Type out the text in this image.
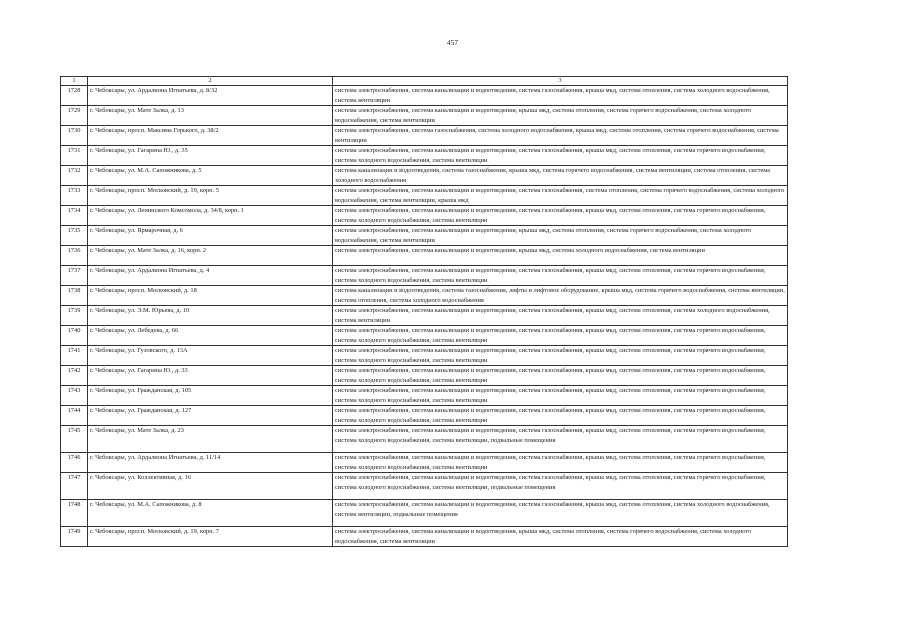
457
1	2	3
1728	г. Чебоксары, ул. Ардалиона Игнатьева, д. 8/32	система электроснабжения, система канализации и водоотведения, система газоснабжения, крыша мкд, система отопления, система холодного водоснабжения, система вентиляции
1729	г. Чебоксары, ул. Мате Залка, д. 13	система электроснабжения, система канализации и водоотведения, крыша мкд, система отопления, система горячего водоснабжения, система холодного водоснабжения, система вентиляции
1730	г. Чебоксары, просп. Максима Горького, д. 38/2	система электроснабжения, система газоснабжения, система холодного водоснабжения, крыша мкд, система отопления, система горячего водоснабжения, система вентиляции
1731	г. Чебоксары, ул. Гагарина Ю., д. 35	система электроснабжения, система канализации и водоотведения, система газоснабжения, крыша мкд, система отопления, система горячего водоснабжения, система холодного водоснабжения, система вентиляции
1732	г. Чебоксары, ул. М.А. Сапожникова, д. 5	система канализации и водоотведения, система газоснабжения, крыша мкд, система горячего водоснабжения, система вентиляции, система отопления, система холодного водоснабжения
1733	г. Чебоксары, просп. Московский, д. 19, корп. 5	система электроснабжения, система канализации и водоотведения, система газоснабжения, система отопления, система горячего водоснабжения, система холодного водоснабжения, система вентиляции, крыша мкд
1734	г. Чебоксары, ул. Ленинского Комсомола, д. 34/8, корп. 1	система электроснабжения, система канализации и водоотведения, система газоснабжения, крыша мкд, система отопления, система горячего водоснабжения, система холодного водоснабжения, система вентиляции
1735	г. Чебоксары, ул. Ярмарочная, д. 6	система электроснабжения, система канализации и водоотведения, крыша мкд, система отопления, система горячего водоснабжения, система холодного водоснабжения, система вентиляции
1736	г. Чебоксары, ул. Мате Залка, д. 16, корп. 2	система электроснабжения, система канализации и водоотведения, крыша мкд, система холодного водоснабжения, система вентиляции
1737	г. Чебоксары, ул. Ардалиона Игнатьева, д. 4	система электроснабжения, система канализации и водоотведения, система газоснабжения, крыша мкд, система отопления, система горячего водоснабжения, система холодного водоснабжения, система вентиляции
1738	г. Чебоксары, просп. Московский, д. 18	система канализации и водоотведения, система газоснабжения, лифты и лифтовое оборудование, крыша мкд, система горячего водоснабжения, система вентиляции, система отопления, система холодного водоснабжения
1739	г. Чебоксары, ул. Э.М. Юрьева, д. 10	система электроснабжения, система канализации и водоотведения, система газоснабжения, крыша мкд, система отопления, система холодного водоснабжения, система вентиляции
1740	г. Чебоксары, ул. Лебедева, д. 66	система электроснабжения, система канализации и водоотведения, система газоснабжения, крыша мкд, система отопления, система горячего водоснабжения, система холодного водоснабжения, система вентиляции
1741	г. Чебоксары, ул. Гузовского, д. 13А	система электроснабжения, система канализации и водоотведения, система газоснабжения, крыша мкд, система отопления, система горячего водоснабжения, система холодного водоснабжения, система вентиляции
1742	г. Чебоксары, ул. Гагарина Ю., д. 33	система электроснабжения, система канализации и водоотведения, система газоснабжения, крыша мкд, система отопления, система горячего водоснабжения, система холодного водоснабжения, система вентиляции
1743	г. Чебоксары, ул. Гражданская, д. 105	система электроснабжения, система канализации и водоотведения, система газоснабжения, крыша мкд, система отопления, система горячего водоснабжения, система холодного водоснабжения, система вентиляции
1744	г. Чебоксары, ул. Гражданская, д. 127	система электроснабжения, система канализации и водоотведения, система газоснабжения, крыша мкд, система отопления, система горячего водоснабжения, система холодного водоснабжения, система вентиляции
1745	г. Чебоксары, ул. Мате Залка, д. 23	система электроснабжения, система канализации и водоотведения, система газоснабжения, крыша мкд, система отопления, система горячего водоснабжения, система холодного водоснабжения, система вентиляции, подвальные помещения
1746	г. Чебоксары, ул. Ардалиона Игнатьева, д. 11/14	система электроснабжения, система канализации и водоотведения, система газоснабжения, крыша мкд, система отопления, система горячего водоснабжения, система холодного водоснабжения, система вентиляции
1747	г. Чебоксары, ул. Коллективная, д. 16	система электроснабжения, система канализации и водоотведения, система газоснабжения, крыша мкд, система отопления, система горячего водоснабжения, система холодного водоснабжения, система вентиляции, подвальные помещения
1748	г. Чебоксары, ул. М.А. Сапожникова, д. 8	система электроснабжения, система канализации и водоотведения, система газоснабжения, крыша мкд, система отопления, система холодного водоснабжения, система вентиляции, подвальные помещения
1749	г. Чебоксары, просп. Московский, д. 19, корп. 7	система электроснабжения, система канализации и водоотведения, крыша мкд, система отопления, система горячего водоснабжения, система холодного водоснабжения, система вентиляции
